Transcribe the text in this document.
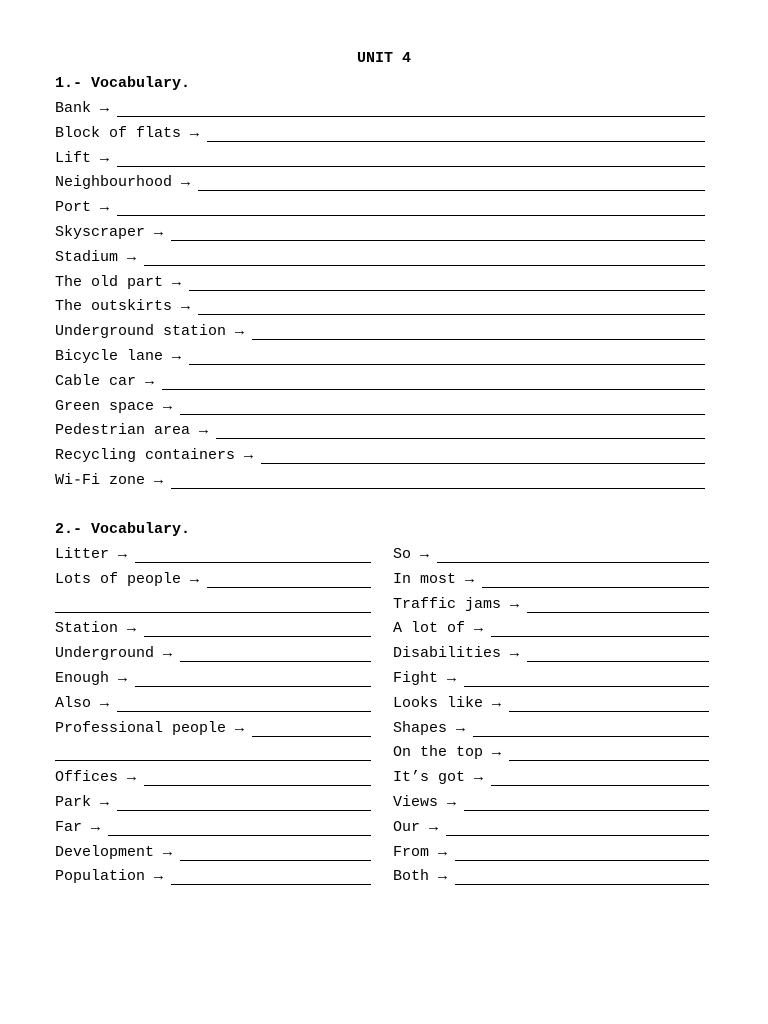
UNIT 4
1.- Vocabulary.
Bank →
Block of flats →
Lift →
Neighbourhood →
Port →
Skyscraper →
Stadium →
The old part →
The outskirts →
Underground station →
Bicycle lane →
Cable car →
Green space →
Pedestrian area →
Recycling containers →
Wi-Fi zone →
2.- Vocabulary.
Litter →
Lots of people →
Station →
Underground →
Enough →
Also →
Professional people →
Offices →
Park →
Far →
Development →
Population →
So →
In most →
Traffic jams →
A lot of →
Disabilities →
Fight →
Looks like →
Shapes →
On the top →
It’s got →
Views →
Our →
From →
Both →
